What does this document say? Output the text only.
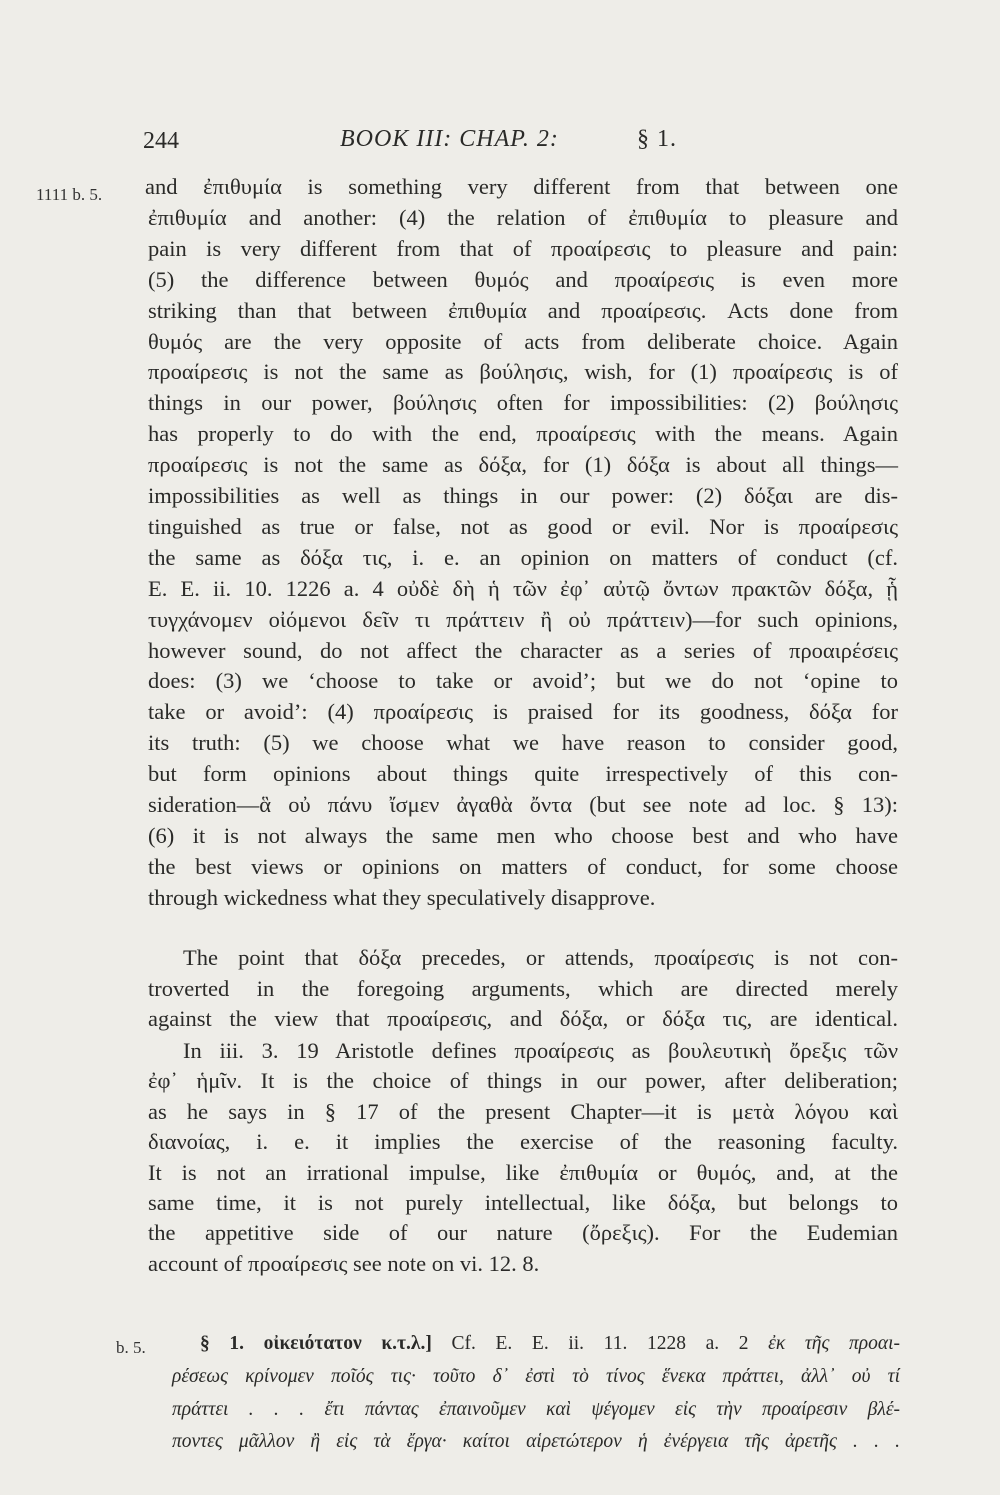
244	BOOK III: CHAP. 2:	§ 1.
1111 b. 5. and ἐπιθυμία is something very different from that between one
ἐπιθυμία and another: (4) the relation of ἐπιθυμία to pleasure and
pain is very different from that of προαίρεσις to pleasure and pain:
(5) the difference between θυμός and προαίρεσις is even more
striking than that between ἐπιθυμία and προαίρεσις. Acts done from
θυμός are the very opposite of acts from deliberate choice. Again
προαίρεσις is not the same as βούλησις, wish, for (1) προαίρεσις is of
things in our power, βούλησις often for impossibilities: (2) βούλησις
has properly to do with the end, προαίρεσις with the means. Again
προαίρεσις is not the same as δόξα, for (1) δόξα is about all things—
impossibilities as well as things in our power: (2) δόξαι are dis-
tinguished as true or false, not as good or evil. Nor is προαίρεσις
the same as δόξα τις, i. e. an opinion on matters of conduct (cf.
E. E. ii. 10. 1226 a. 4 οὐδὲ δὴ ἡ τῶν ἐφ᾽ αὐτῷ ὄντων πρακτῶν δόξα, ᾗ
τυγχάνομεν οἰόμενοι δεῖν τι πράττειν ἢ οὐ πράττειν)—for such opinions,
however sound, do not affect the character as a series of προαιρέσεις
does: (3) we ‘choose to take or avoid’; but we do not ‘opine to
take or avoid’: (4) προαίρεσις is praised for its goodness, δόξα for
its truth: (5) we choose what we have reason to consider good,
but form opinions about things quite irrespectively of this con-
sideration—ἃ οὐ πάνυ ἴσμεν ἀγαθὰ ὄντα (but see note ad loc. § 13):
(6) it is not always the same men who choose best and who have
the best views or opinions on matters of conduct, for some choose
through wickedness what they speculatively disapprove.
The point that δόξα precedes, or attends, προαίρεσις is not con-
troverted in the foregoing arguments, which are directed merely
against the view that προαίρεσις, and δόξα, or δόξα τις, are identical.
In iii. 3. 19 Aristotle defines προαίρεσις as βουλευτικὴ ὄρεξις τῶν
ἐφ᾽ ἡμῖν. It is the choice of things in our power, after deliberation;
as he says in § 17 of the present Chapter—it is μετὰ λόγου καὶ
διανοίας, i. e. it implies the exercise of the reasoning faculty.
It is not an irrational impulse, like ἐπιθυμία or θυμός, and, at the
same time, it is not purely intellectual, like δόξα, but belongs to
the appetitive side of our nature (ὄρεξις). For the Eudemian
account of προαίρεσις see note on vi. 12. 8.
b. 5.	§ 1. οἰκειότατον κ.τ.λ.] Cf. E. E. ii. 11. 1228 a. 2 ἐκ τῆς προαι-
ρέσεως κρίνομεν ποῖός τις· τοῦτο δ᾽ ἐστὶ τὸ τίνος ἕνεκα πράττει, ἀλλ᾽ οὐ τί
πράττει . . . ἔτι πάντας ἐπαινοῦμεν καὶ ψέγομεν εἰς τὴν προαίρεσιν βλέ-
ποντες μᾶλλον ἢ εἰς τὰ ἔργα· καίτοι αἱρετώτερον ἡ ἐνέργεια τῆς ἀρετῆς . . .
